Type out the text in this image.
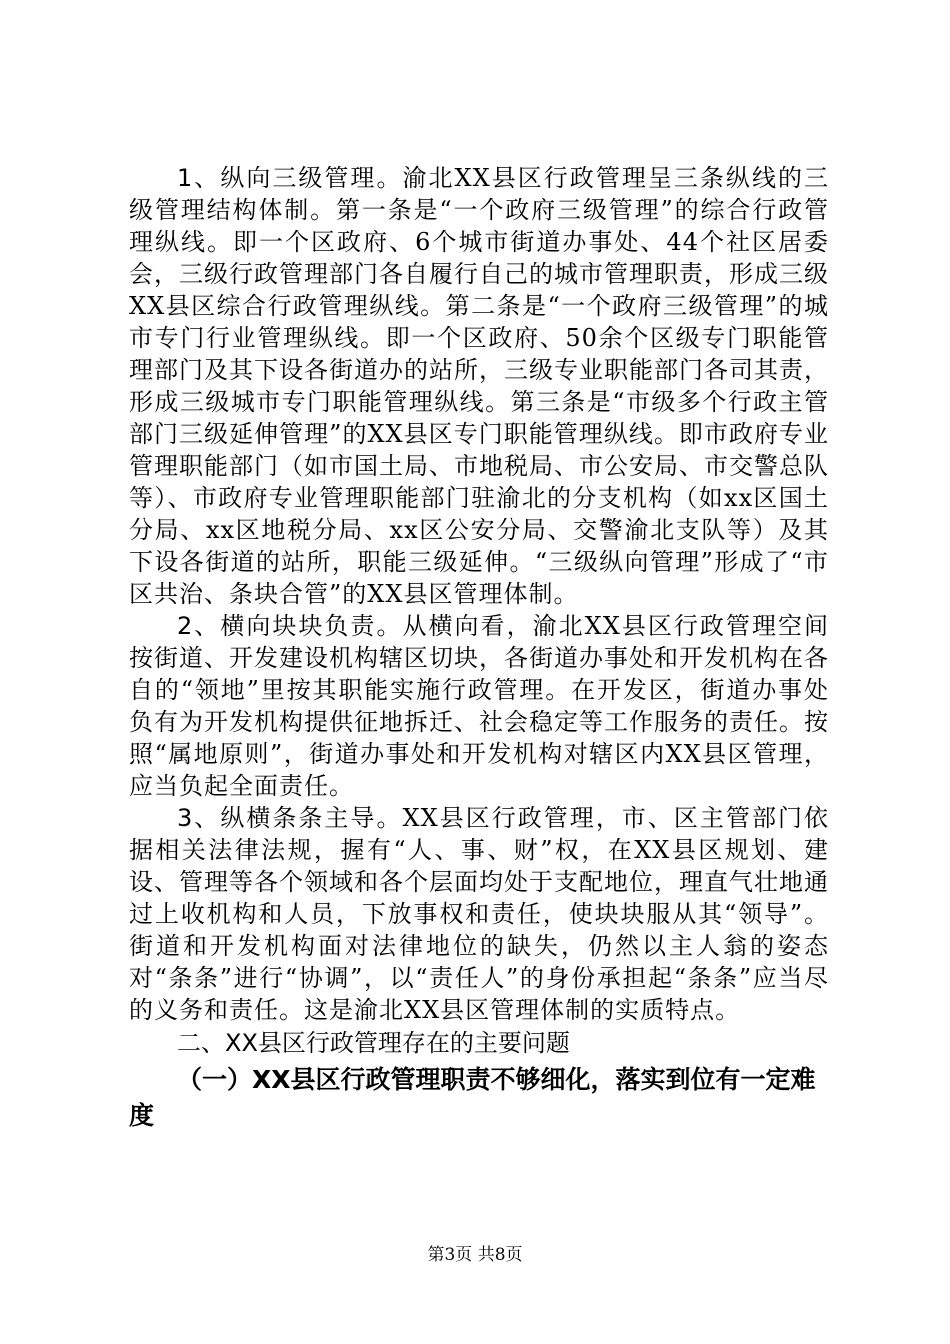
1、纵向三级管理。渝北XX县区行政管理呈三条纵线的三级管理结构体制。第一条是“一个政府三级管理”的综合行政管理纵线。即一个区政府、6个城市街道办事处、44个社区居委会，三级行政管理部门各自履行自己的城市管理职责，形成三级XX县区综合行政管理纵线。第二条是“一个政府三级管理”的城市专门行业管理纵线。即一个区政府、50余个区级专门职能管理部门及其下设各街道办的站所，三级专业职能部门各司其责，形成三级城市专门职能管理纵线。第三条是“市级多个行政主管部门三级延伸管理”的XX县区专门职能管理纵线。即市政府专业管理职能部门（如市国土局、市地税局、市公安局、市交警总队等）、市政府专业管理职能部门驻渝北的分支机构（如xx区国土分局、xx区地税分局、xx区公安分局、交警渝北支队等）及其下设各街道的站所，职能三级延伸。“三级纵向管理”形成了“市区共治、条块合管”的XX县区管理体制。

2、横向块块负责。从横向看，渝北XX县区行政管理空间按街道、开发建设机构辖区切块，各街道办事处和开发机构在各自的“领地”里按其职能实施行政管理。在开发区，街道办事处负有为开发机构提供征地拆迁、社会稳定等工作服务的责任。按照“属地原则”，街道办事处和开发机构对辖区内XX县区管理，应当负起全面责任。

3、纵横条条主导。XX县区行政管理，市、区主管部门依据相关法律法规，握有“人、事、财”权，在XX县区规划、建设、管理等各个领域和各个层面均处于支配地位，理直气壮地通过上收机构和人员，下放事权和责任，使块块服从其“领导”。街道和开发机构面对法律地位的缺失，仍然以主人翁的姿态对“条条”进行“协调”，以“责任人”的身份承担起“条条”应当尽的义务和责任。这是渝北XX县区管理体制的实质特点。

二、XX县区行政管理存在的主要问题

（一）XX县区行政管理职责不够细化，落实到位有一定难度

第3页 共8页
